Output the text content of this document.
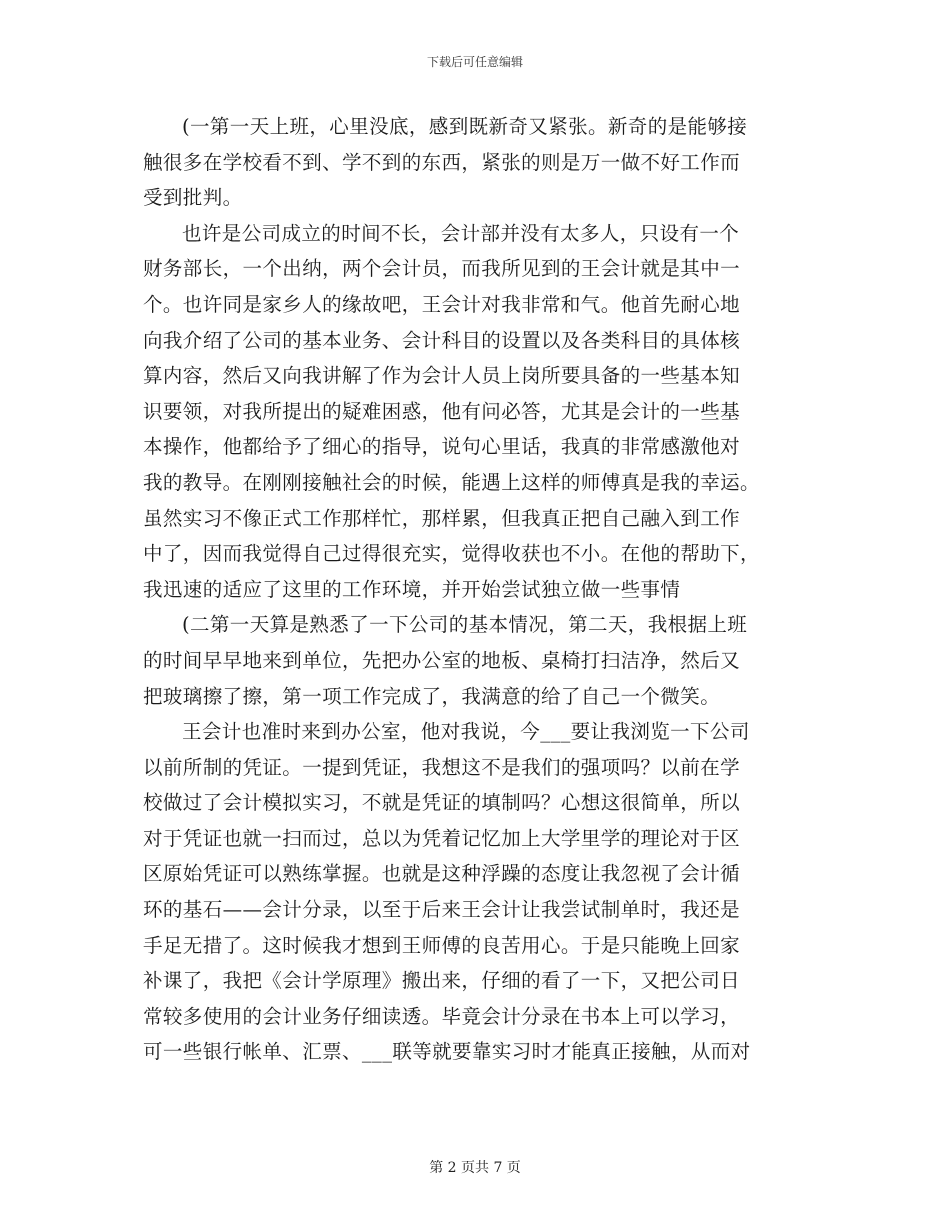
下载后可任意编辑
(一第一天上班，心里没底，感到既新奇又紧张。新奇的是能够接
触很多在学校看不到、学不到的东西，紧张的则是万一做不好工作而
受到批判。
也许是公司成立的时间不长，会计部并没有太多人，只设有一个
财务部长，一个出纳，两个会计员，而我所见到的王会计就是其中一
个。也许同是家乡人的缘故吧，王会计对我非常和气。他首先耐心地
向我介绍了公司的基本业务、会计科目的设置以及各类科目的具体核
算内容，然后又向我讲解了作为会计人员上岗所要具备的一些基本知
识要领，对我所提出的疑难困惑，他有问必答，尤其是会计的一些基
本操作，他都给予了细心的指导，说句心里话，我真的非常感激他对
我的教导。在刚刚接触社会的时候，能遇上这样的师傅真是我的幸运。
虽然实习不像正式工作那样忙，那样累，但我真正把自己融入到工作
中了，因而我觉得自己过得很充实，觉得收获也不小。在他的帮助下，
我迅速的适应了这里的工作环境，并开始尝试独立做一些事情
(二第一天算是熟悉了一下公司的基本情况，第二天，我根据上班
的时间早早地来到单位，先把办公室的地板、桌椅打扫洁净，然后又
把玻璃擦了擦，第一项工作完成了，我满意的给了自己一个微笑。
王会计也准时来到办公室，他对我说，今___要让我浏览一下公司
以前所制的凭证。一提到凭证，我想这不是我们的强项吗？以前在学
校做过了会计模拟实习，不就是凭证的填制吗？心想这很简单，所以
对于凭证也就一扫而过，总以为凭着记忆加上大学里学的理论对于区
区原始凭证可以熟练掌握。也就是这种浮躁的态度让我忽视了会计循
环的基石——会计分录，以至于后来王会计让我尝试制单时，我还是
手足无措了。这时候我才想到王师傅的良苦用心。于是只能晚上回家
补课了，我把《会计学原理》搬出来，仔细的看了一下，又把公司日
常较多使用的会计业务仔细读透。毕竟会计分录在书本上可以学习，
可一些银行帐单、汇票、___联等就要靠实习时才能真正接触，从而对
第 2 页共 7 页
